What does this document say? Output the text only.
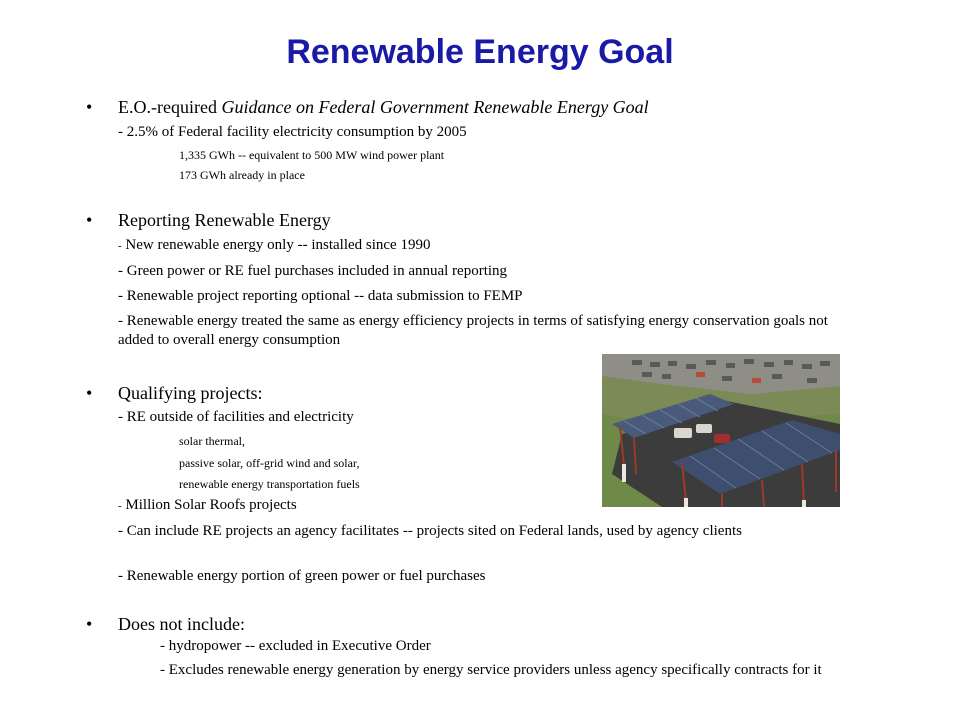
Renewable Energy Goal
• E.O.-required Guidance on Federal Government Renewable Energy Goal
- 2.5% of Federal facility electricity consumption by 2005
1,335 GWh -- equivalent to 500 MW wind power plant
173 GWh already in place
• Reporting Renewable Energy
- New renewable energy only -- installed since 1990
- Green power or RE fuel purchases included in annual reporting
- Renewable project reporting optional -- data submission to FEMP
- Renewable energy treated the same as energy efficiency projects in terms of satisfying energy conservation goals not added to overall energy consumption
• Qualifying projects:
- RE outside of facilities and electricity
solar thermal,
passive solar, off-grid wind and solar,
renewable energy transportation fuels
- Million Solar Roofs projects
- Can include RE projects an agency facilitates -- projects sited on Federal lands, used by agency clients
- Renewable energy portion of green power or fuel purchases
• Does not include:
- hydropower -- excluded in Executive Order
- Excludes renewable energy generation by energy service providers unless agency specifically contracts for it
